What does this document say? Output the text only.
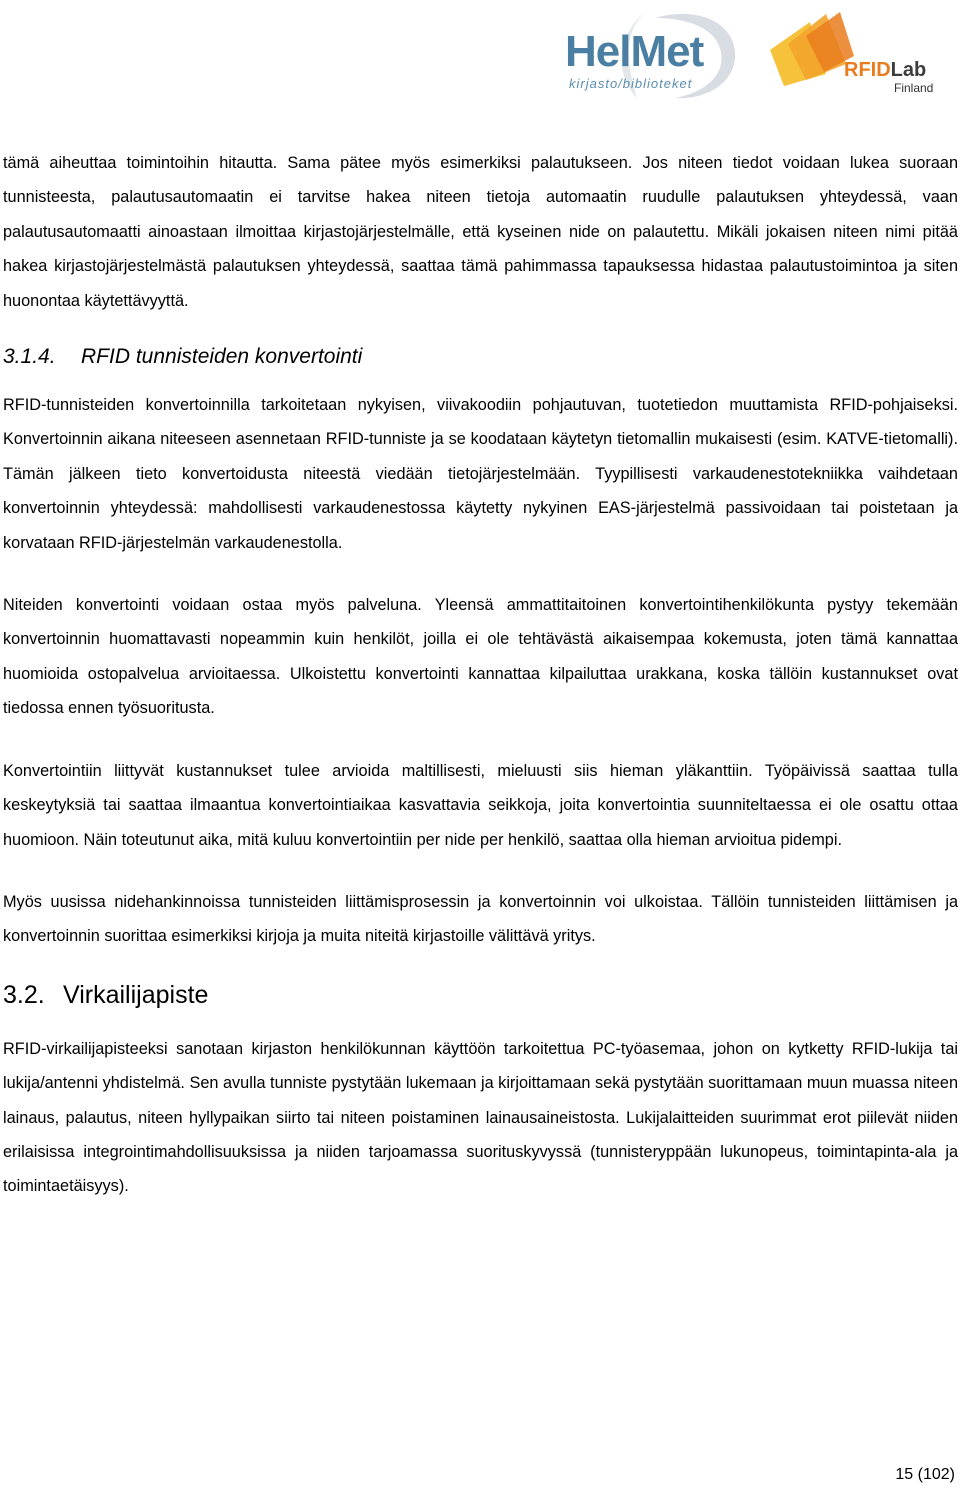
HelMet
kirjasto/biblioteket
RFIDLab
Finland

tämä aiheuttaa toimintoihin hitautta. Sama pätee myös esimerkiksi palautukseen. Jos niteen tiedot voidaan lukea suoraan tunnisteesta, palautusautomaatin ei tarvitse hakea niteen tietoja automaatin ruudulle palautuksen yhteydessä, vaan palautusautomaatti ainoastaan ilmoittaa kirjastojärjestelmälle, että kyseinen nide on palautettu. Mikäli jokaisen niteen nimi pitää hakea kirjastojärjestelmästä palautuksen yhteydessä, saattaa tämä pahimmassa tapauksessa hidastaa palautustoimintoa ja siten huonontaa käytettävyyttä.

3.1.4. RFID tunnisteiden konvertointi

RFID-tunnisteiden konvertoinnilla tarkoitetaan nykyisen, viivakoodiin pohjautuvan, tuotetiedon muuttamista RFID-pohjaiseksi. Konvertoinnin aikana niteeseen asennetaan RFID-tunniste ja se koodataan käytetyn tietomallin mukaisesti (esim. KATVE-tietomalli). Tämän jälkeen tieto konvertoidusta niteestä viedään tietojärjestelmään. Tyypillisesti varkaudenestotekniikka vaihdetaan konvertoinnin yhteydessä: mahdollisesti varkaudenestossa käytetty nykyinen EAS-järjestelmä passivoidaan tai poistetaan ja korvataan RFID-järjestelmän varkaudenestolla.

Niteiden konvertointi voidaan ostaa myös palveluna. Yleensä ammattitaitoinen konvertointihenkilökunta pystyy tekemään konvertoinnin huomattavasti nopeammin kuin henkilöt, joilla ei ole tehtävästä aikaisempaa kokemusta, joten tämä kannattaa huomioida ostopalvelua arvioitaessa. Ulkoistettu konvertointi kannattaa kilpailuttaa urakkana, koska tällöin kustannukset ovat tiedossa ennen työsuoritusta.

Konvertointiin liittyvät kustannukset tulee arvioida maltillisesti, mieluusti siis hieman yläkanttiin. Työpäivissä saattaa tulla keskeytyksiä tai saattaa ilmaantua konvertointiaikaa kasvattavia seikkoja, joita konvertointia suunniteltaessa ei ole osattu ottaa huomioon. Näin toteutunut aika, mitä kuluu konvertointiin per nide per henkilö, saattaa olla hieman arvioitua pidempi.

Myös uusissa nidehankinnoissa tunnisteiden liittämisprosessin ja konvertoinnin voi ulkoistaa. Tällöin tunnisteiden liittämisen ja konvertoinnin suorittaa esimerkiksi kirjoja ja muita niteitä kirjastoille välittävä yritys.

3.2. Virkailijapiste

RFID-virkailijapisteeksi sanotaan kirjaston henkilökunnan käyttöön tarkoitettua PC-työasemaa, johon on kytketty RFID-lukija tai lukija/antenni yhdistelmä. Sen avulla tunniste pystytään lukemaan ja kirjoittamaan sekä pystytään suorittamaan muun muassa niteen lainaus, palautus, niteen hyllypaikan siirto tai niteen poistaminen lainausaineistosta. Lukijalaitteiden suurimmat erot piilevät niiden erilaisissa integrointimahdollisuuksissa ja niiden tarjoamassa suorituskyvyssä (tunnisteryppään lukunopeus, toimintapinta-ala ja toimintaetäisyys).

15 (102)
